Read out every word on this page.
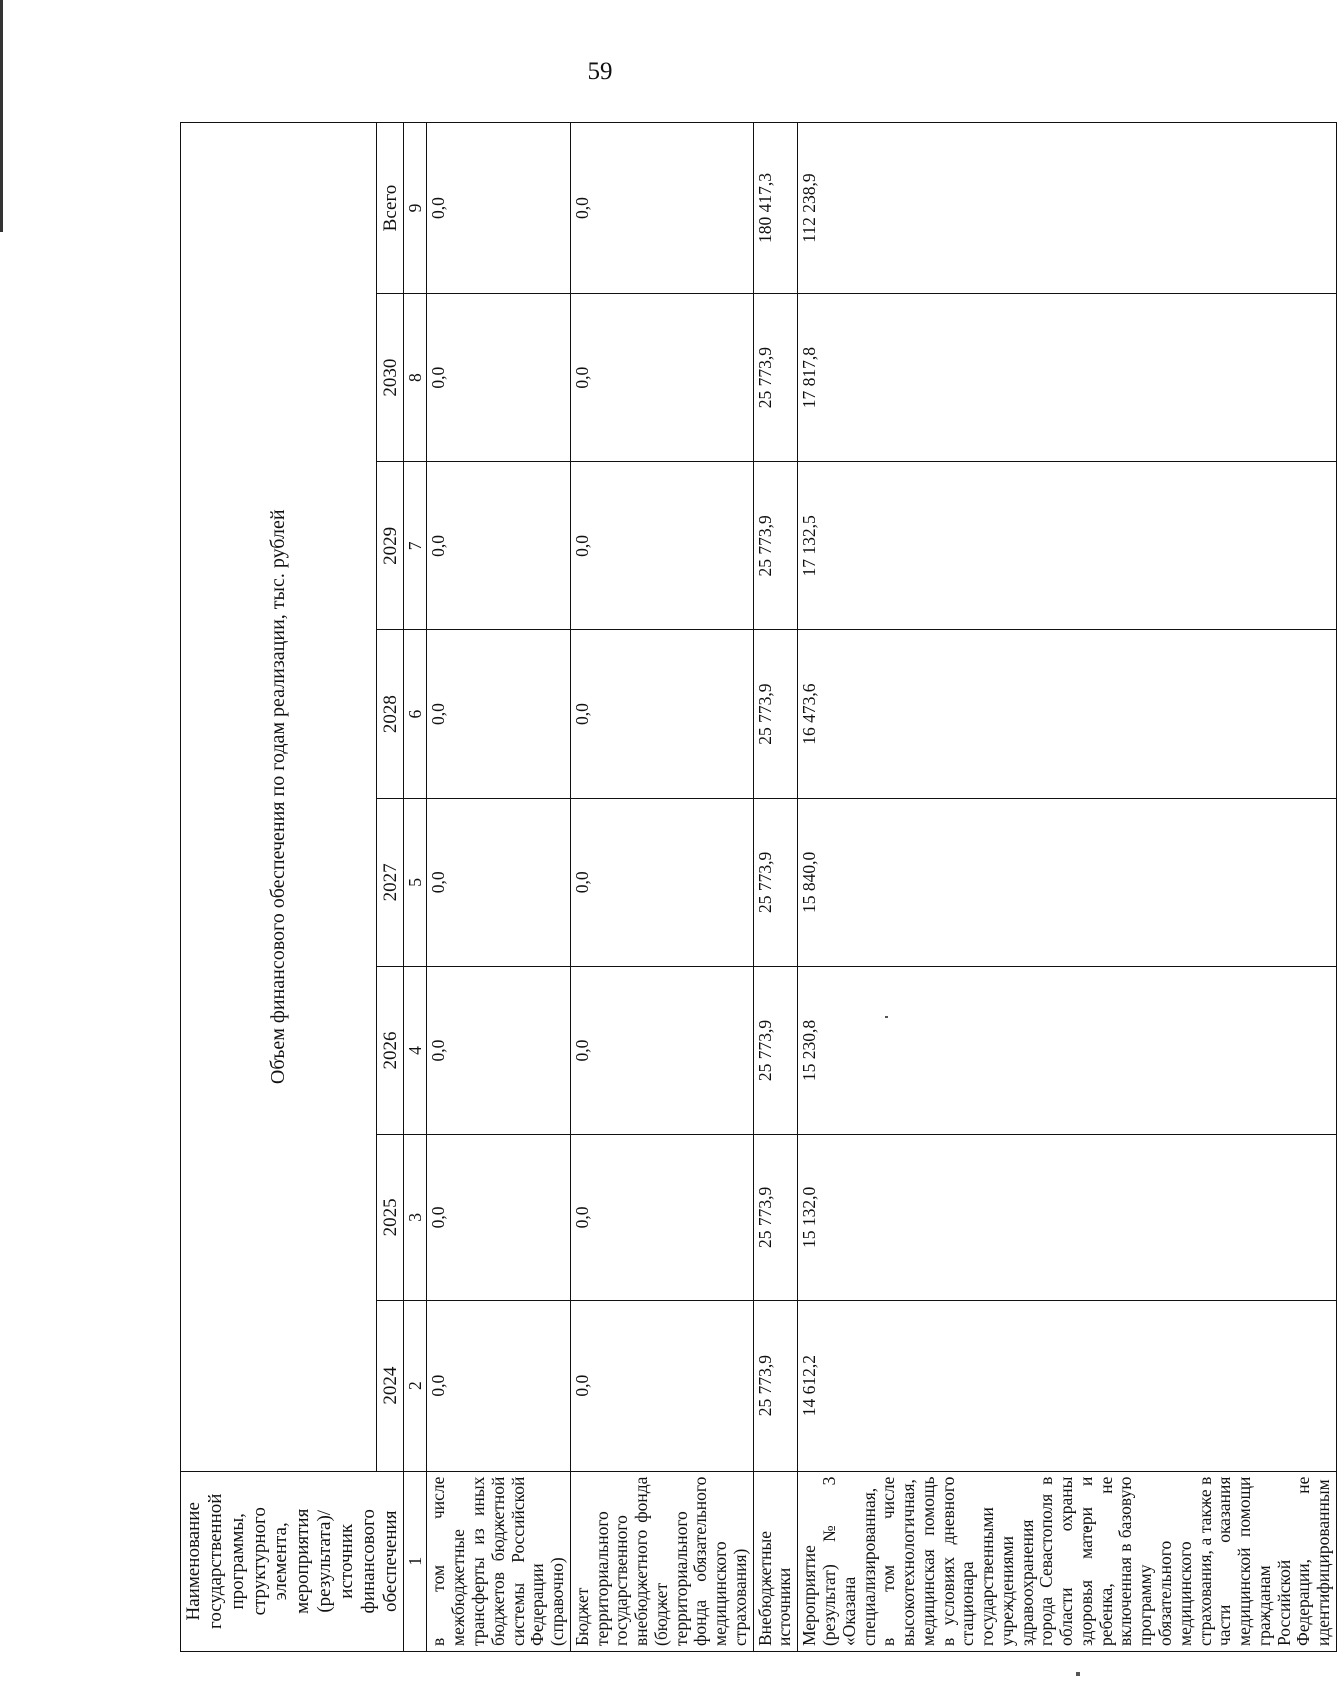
59
Наименование государственной программы, структурного элемента, мероприятия (результата)/источник финансового обеспечения	Объем финансового обеспечения по годам реализации, тыс. рублей							
	2024	2025	2026	2027	2028	2029	2030	Всего
1	2	3	4	5	6	7	8	9
в том числе межбюджетные трансферты из иных бюджетов бюджетной системы Российской Федерации (справочно)	0,0	0,0	0,0	0,0	0,0	0,0	0,0	0,0
Бюджет территориального государственного внебюджетного фонда (бюджет территориального фонда обязательного медицинского страхования)	0,0	0,0	0,0	0,0	0,0	0,0	0,0	0,0
Внебюджетные источники	25 773,9	25 773,9	25 773,9	25 773,9	25 773,9	25 773,9	25 773,9	180 417,3
Мероприятие (результат) № 3 «Оказана специализированная, в том числе высокотехнологичная, медицинская помощь в условиях дневного стационара государственными учреждениями здравоохранения города Севастополя в области охраны здоровья матери и ребенка, не включенная в базовую программу обязательного медицинского страхования, а также в части оказания медицинской помощи гражданам Российской Федерации, не идентифицированным	14 612,2	15 132,0	15 230,8	15 840,0	16 473,6	17 132,5	17 817,8	112 238,9
